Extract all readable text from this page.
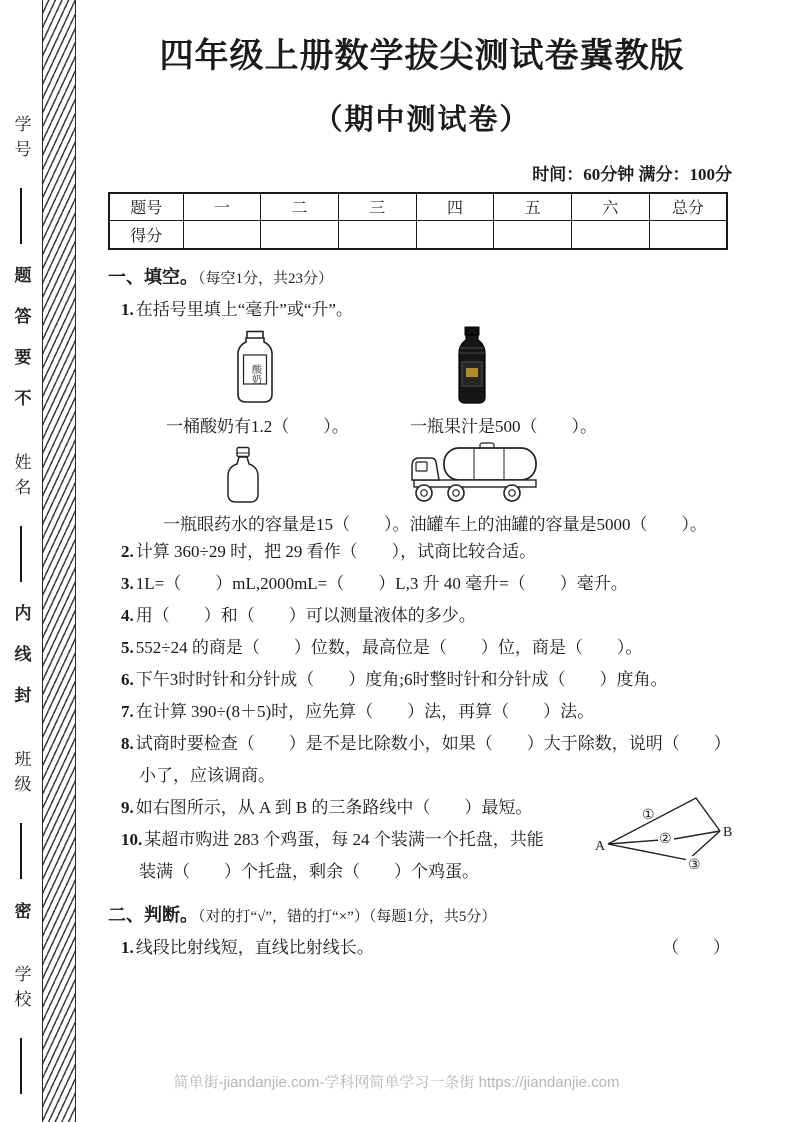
学号
题答要不
姓名
内线封
班级
密
学校
四年级上册数学拔尖测试卷冀教版
（期中测试卷）
时间：60分钟 满分：100分
题号	一	二	三	四	五	六	总分
得分							
一、填空。（每空1分，共23分）
1. 在括号里填上“毫升”或“升”。
酸奶
一桶酸奶有1.2（　　）。	一瓶果汁是500（　　）。
一瓶眼药水的容量是15（　　）。油罐车上的油罐的容量是5000（　　）。
2. 计算 360÷29 时，把 29 看作（　　），试商比较合适。
3. 1L=（　　）mL,2000mL=（　　）L,3 升 40 毫升=（　　）毫升。
4. 用（　　）和（　　）可以测量液体的多少。
5. 552÷24 的商是（　　）位数，最高位是（　　）位，商是（　　）。
6. 下午3时时针和分针成（　　）度角;6时整时针和分针成（　　）度角。
7. 在计算 390÷(8＋5)时，应先算（　　）法，再算（　　）法。
8. 试商时要检查（　　）是不是比除数小，如果（　　）大于除数，说明（　　）
小了，应该调商。
9. 如右图所示，从 A 到 B 的三条路线中（　　）最短。
10. 某超市购进 283 个鸡蛋，每 24 个装满一个托盘，共能
装满（　　）个托盘，剩余（　　）个鸡蛋。
A
B
①
②
③
二、判断。（对的打“√”，错的打“×”）（每题1分，共5分）
1. 线段比射线短，直线比射线长。	（　　）
简单街-jiandanjie.com-学科网简单学习一条街 https://jiandanjie.com
